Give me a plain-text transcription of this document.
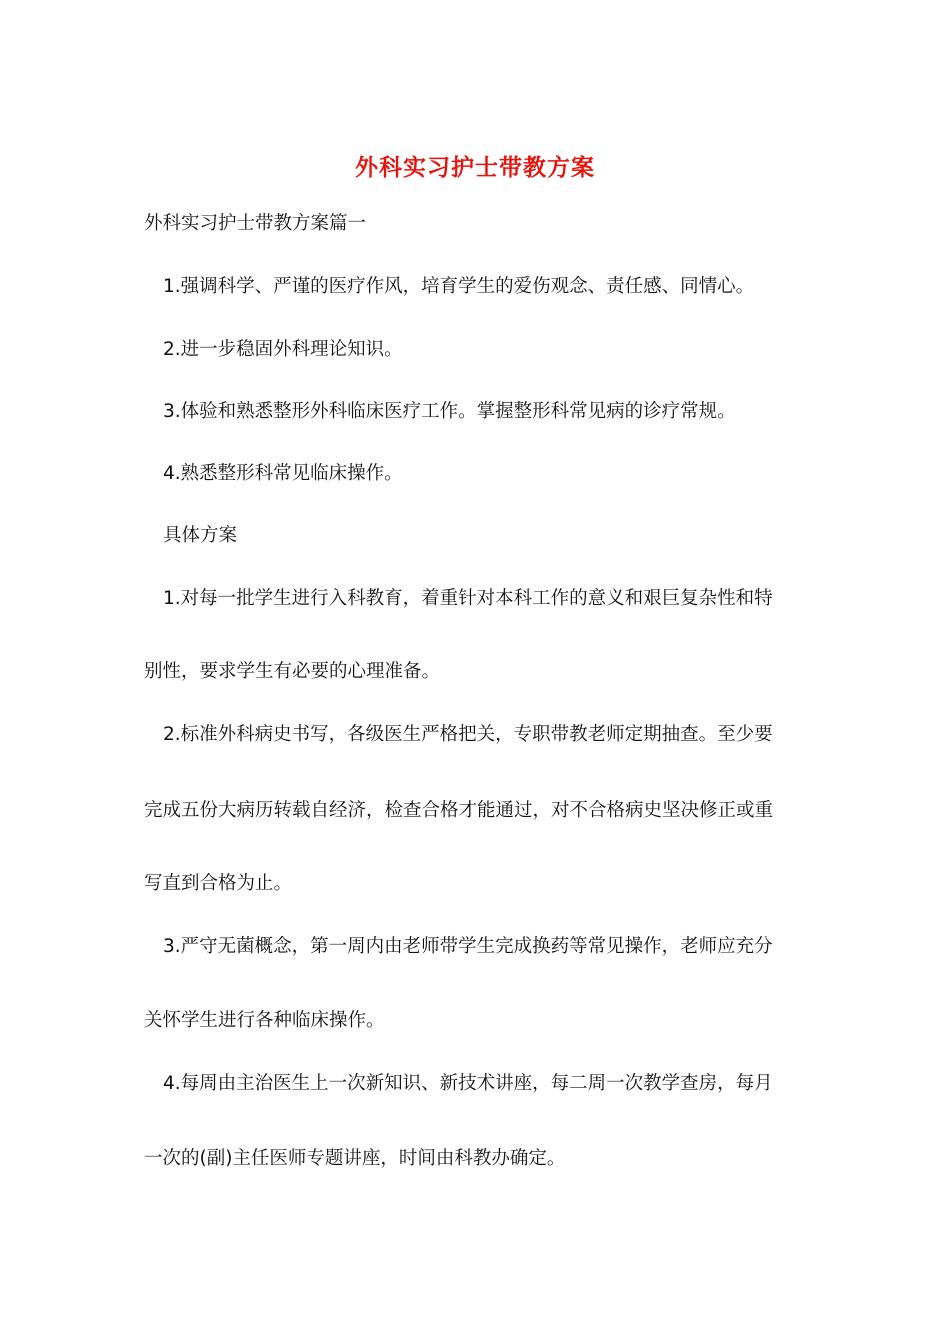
外科实习护士带教方案
外科实习护士带教方案篇一
1.强调科学、严谨的医疗作风，培育学生的爱伤观念、责任感、同情心。
2.进一步稳固外科理论知识。
3.体验和熟悉整形外科临床医疗工作。掌握整形科常见病的诊疗常规。
4.熟悉整形科常见临床操作。
具体方案
1.对每一批学生进行入科教育，着重针对本科工作的意义和艰巨复杂性和特
别性，要求学生有必要的心理准备。
2.标准外科病史书写，各级医生严格把关，专职带教老师定期抽查。至少要
完成五份大病历转载自经济，检查合格才能通过，对不合格病史坚决修正或重
写直到合格为止。
3.严守无菌概念，第一周内由老师带学生完成换药等常见操作，老师应充分
关怀学生进行各种临床操作。
4.每周由主治医生上一次新知识、新技术讲座，每二周一次教学查房，每月
一次的(副)主任医师专题讲座，时间由科教办确定。
